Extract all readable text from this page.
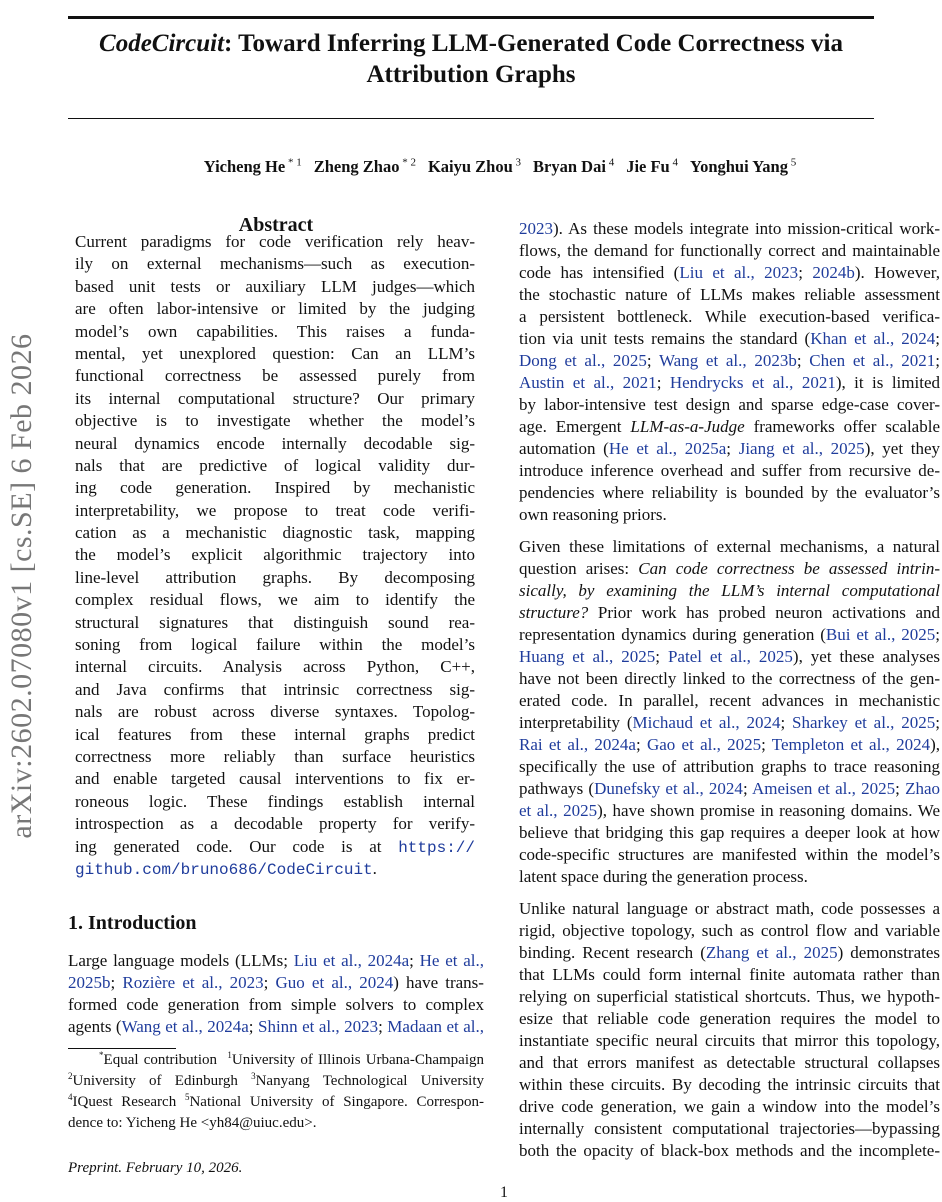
CodeCircuit: Toward Inferring LLM-Generated Code Correctness via
Attribution Graphs
Yicheng He $^{* 1}$ Zheng Zhao $^{* 2}$ Kaiyu Zhou $^3$ Bryan Dai $^4$ Jie Fu $^4$ Yonghui Yang $^5$
arXiv:2602.07080v1 [cs.SE] 6 Feb 2026
Abstract
Current paradigms for code verification rely heav-
ily on external mechanisms—such as execution-
based unit tests or auxiliary LLM judges—which
are often labor-intensive or limited by the judging
model’s own capabilities. This raises a funda-
mental, yet unexplored question: Can an LLM’s
functional correctness be assessed purely from
its internal computational structure? Our primary
objective is to investigate whether the model’s
neural dynamics encode internally decodable sig-
nals that are predictive of logical validity dur-
ing code generation. Inspired by mechanistic
interpretability, we propose to treat code verifi-
cation as a mechanistic diagnostic task, mapping
the model’s explicit algorithmic trajectory into
line-level attribution graphs. By decomposing
complex residual flows, we aim to identify the
structural signatures that distinguish sound rea-
soning from logical failure within the model’s
internal circuits. Analysis across Python, C++,
and Java confirms that intrinsic correctness sig-
nals are robust across diverse syntaxes. Topolog-
ical features from these internal graphs predict
correctness more reliably than surface heuristics
and enable targeted causal interventions to fix er-
roneous logic. These findings establish internal
introspection as a decodable property for verify-
ing generated code. Our code is at https://
github.com/bruno686/CodeCircuit.
1. Introduction
Large language models (LLMs; Liu et al., 2024a; He et al.,
2025b; Rozière et al., 2023; Guo et al., 2024) have trans-
formed code generation from simple solvers to complex
agents (Wang et al., 2024a; Shinn et al., 2023; Madaan et al.,
*Equal contribution  $^1$University of Illinois Urbana-Champaign
$^2$University of Edinburgh $^3$Nanyang Technological University
$^4$IQuest Research $^5$National University of Singapore. Correspon-
dence to: Yicheng He <yh84@uiuc.edu>.
Preprint. February 10, 2026.
2023). As these models integrate into mission-critical work-
flows, the demand for functionally correct and maintainable
code has intensified (Liu et al., 2023; 2024b). However,
the stochastic nature of LLMs makes reliable assessment
a persistent bottleneck. While execution-based verifica-
tion via unit tests remains the standard (Khan et al., 2024;
Dong et al., 2025; Wang et al., 2023b; Chen et al., 2021;
Austin et al., 2021; Hendrycks et al., 2021), it is limited
by labor-intensive test design and sparse edge-case cover-
age. Emergent LLM-as-a-Judge frameworks offer scalable
automation (He et al., 2025a; Jiang et al., 2025), yet they
introduce inference overhead and suffer from recursive de-
pendencies where reliability is bounded by the evaluator’s
own reasoning priors.
Given these limitations of external mechanisms, a natural
question arises: Can code correctness be assessed intrin-
sically, by examining the LLM’s internal computational
structure? Prior work has probed neuron activations and
representation dynamics during generation (Bui et al., 2025;
Huang et al., 2025; Patel et al., 2025), yet these analyses
have not been directly linked to the correctness of the gen-
erated code. In parallel, recent advances in mechanistic
interpretability (Michaud et al., 2024; Sharkey et al., 2025;
Rai et al., 2024a; Gao et al., 2025; Templeton et al., 2024),
specifically the use of attribution graphs to trace reasoning
pathways (Dunefsky et al., 2024; Ameisen et al., 2025; Zhao
et al., 2025), have shown promise in reasoning domains. We
believe that bridging this gap requires a deeper look at how
code-specific structures are manifested within the model’s
latent space during the generation process.
Unlike natural language or abstract math, code possesses a
rigid, objective topology, such as control flow and variable
binding. Recent research (Zhang et al., 2025) demonstrates
that LLMs could form internal finite automata rather than
relying on superficial statistical shortcuts. Thus, we hypoth-
esize that reliable code generation requires the model to
instantiate specific neural circuits that mirror this topology,
and that errors manifest as detectable structural collapses
within these circuits. By decoding the intrinsic circuits that
drive code generation, we gain a window into the model’s
internally consistent computational trajectories—bypassing
both the opacity of black-box methods and the incomplete-
1
